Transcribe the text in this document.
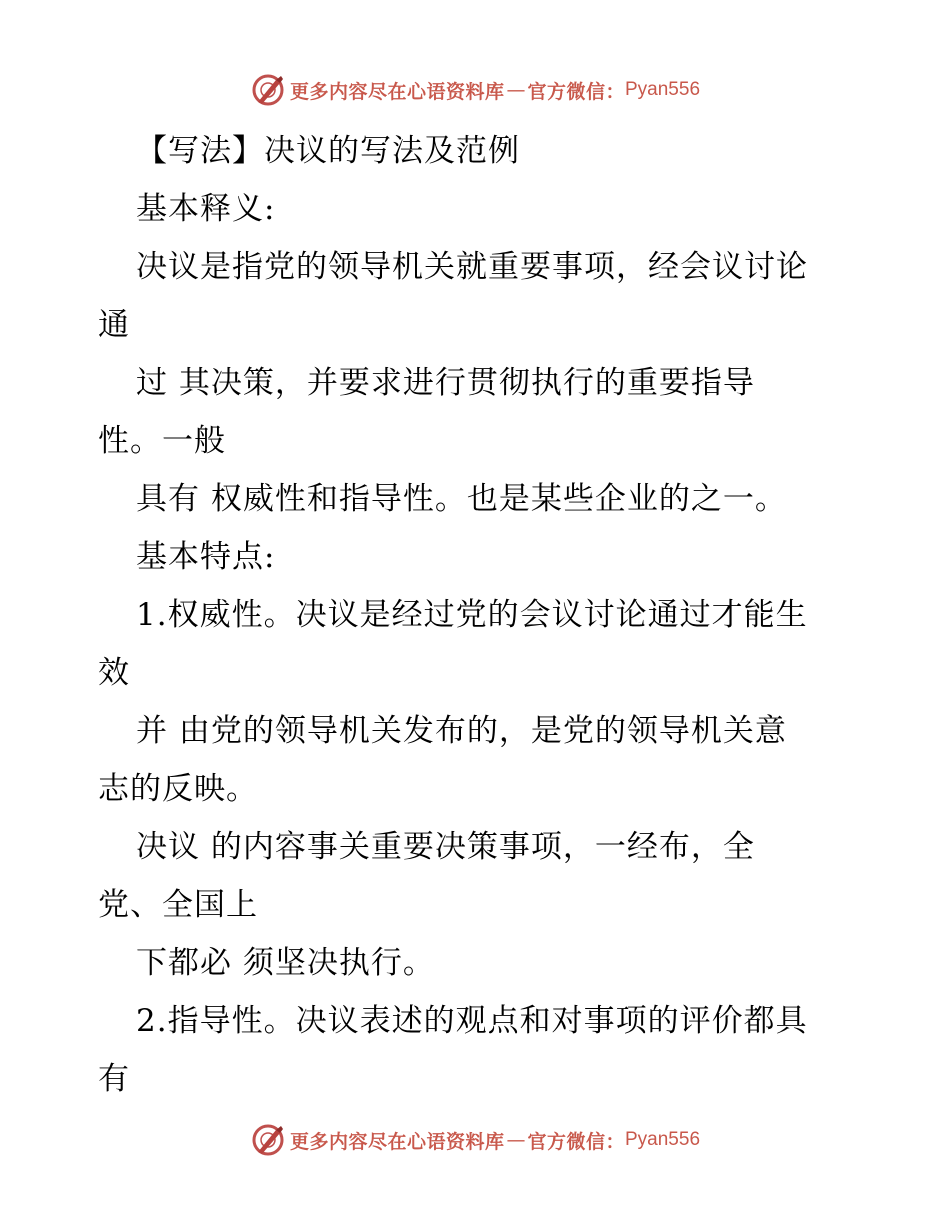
更多内容尽在心语资料库 — 官方微信： Pyan556
【写法】决议的写法及范例
基本释义:
决议是指党的领导机关就重要事项，经会议讨论
通
过 其决策，并要求进行贯彻执行的重要指导
性。一般
具有 权威性和指导性。也是某些企业的之一。
基本特点:
1.权威性。决议是经过党的会议讨论通过才能生
效
并 由党的领导机关发布的，是党的领导机关意
志的反映。
决议 的内容事关重要决策事项，一经布，全
党、全国上
下都必 须坚决执行。
2.指导性。决议表述的观点和对事项的评价都具
有
更多内容尽在心语资料库 — 官方微信： Pyan556
